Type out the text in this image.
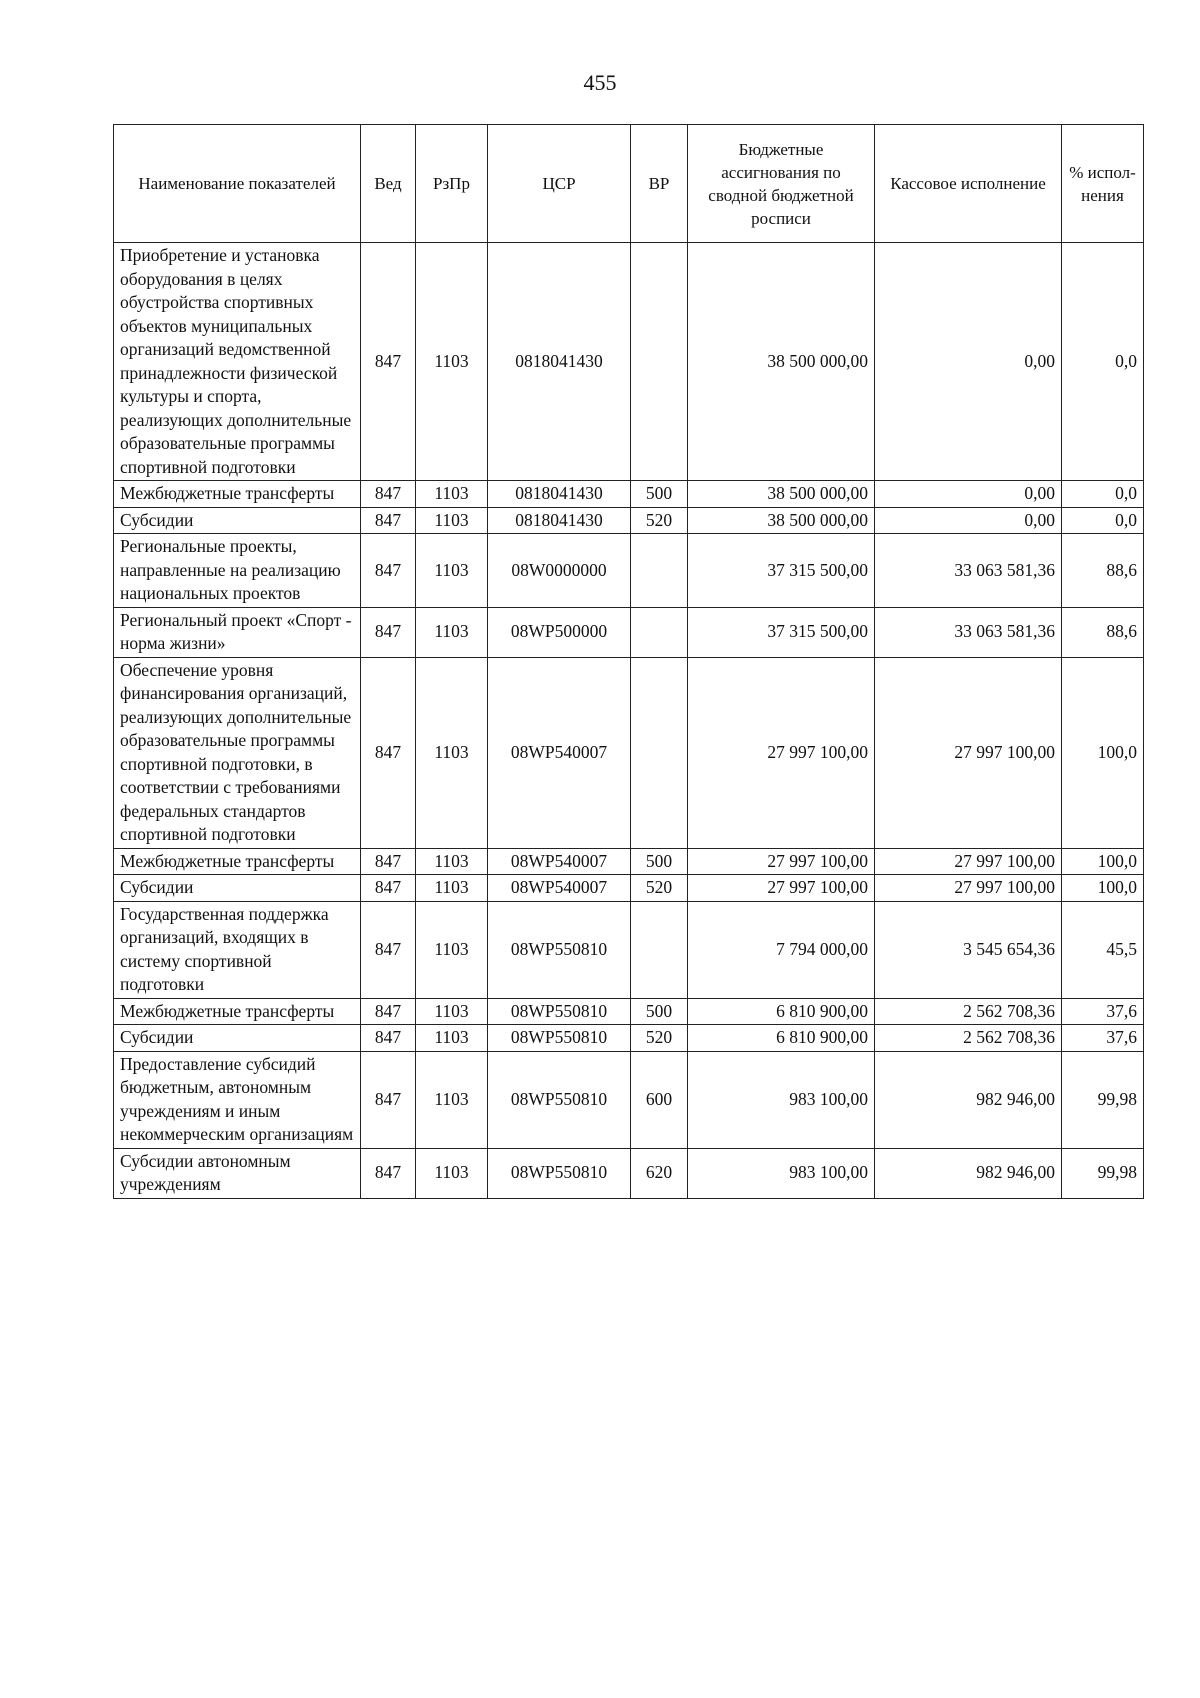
455
Наименование показателей	Вед	РзПр	ЦСР	ВР	Бюджетные ассигнования по сводной бюджетной росписи	Кассовое исполнение	% испол-нения
Приобретение и установка оборудования в целях обустройства спортивных объектов муниципальных организаций ведомственной принадлежности физической культуры и спорта, реализующих дополнительные образовательные программы спортивной подготовки	847	1103	0818041430		38 500 000,00	0,00	0,0
Межбюджетные трансферты	847	1103	0818041430	500	38 500 000,00	0,00	0,0
Субсидии	847	1103	0818041430	520	38 500 000,00	0,00	0,0
Региональные проекты, направленные на реализацию национальных проектов	847	1103	08W0000000		37 315 500,00	33 063 581,36	88,6
Региональный проект «Спорт - норма жизни»	847	1103	08WP500000		37 315 500,00	33 063 581,36	88,6
Обеспечение уровня финансирования организаций, реализующих дополнительные образовательные программы спортивной подготовки, в соответствии с требованиями федеральных стандартов спортивной подготовки	847	1103	08WP540007		27 997 100,00	27 997 100,00	100,0
Межбюджетные трансферты	847	1103	08WP540007	500	27 997 100,00	27 997 100,00	100,0
Субсидии	847	1103	08WP540007	520	27 997 100,00	27 997 100,00	100,0
Государственная поддержка организаций, входящих в систему спортивной подготовки	847	1103	08WP550810		7 794 000,00	3 545 654,36	45,5
Межбюджетные трансферты	847	1103	08WP550810	500	6 810 900,00	2 562 708,36	37,6
Субсидии	847	1103	08WP550810	520	6 810 900,00	2 562 708,36	37,6
Предоставление субсидий бюджетным, автономным учреждениям и иным некоммерческим организациям	847	1103	08WP550810	600	983 100,00	982 946,00	99,98
Субсидии автономным учреждениям	847	1103	08WP550810	620	983 100,00	982 946,00	99,98
